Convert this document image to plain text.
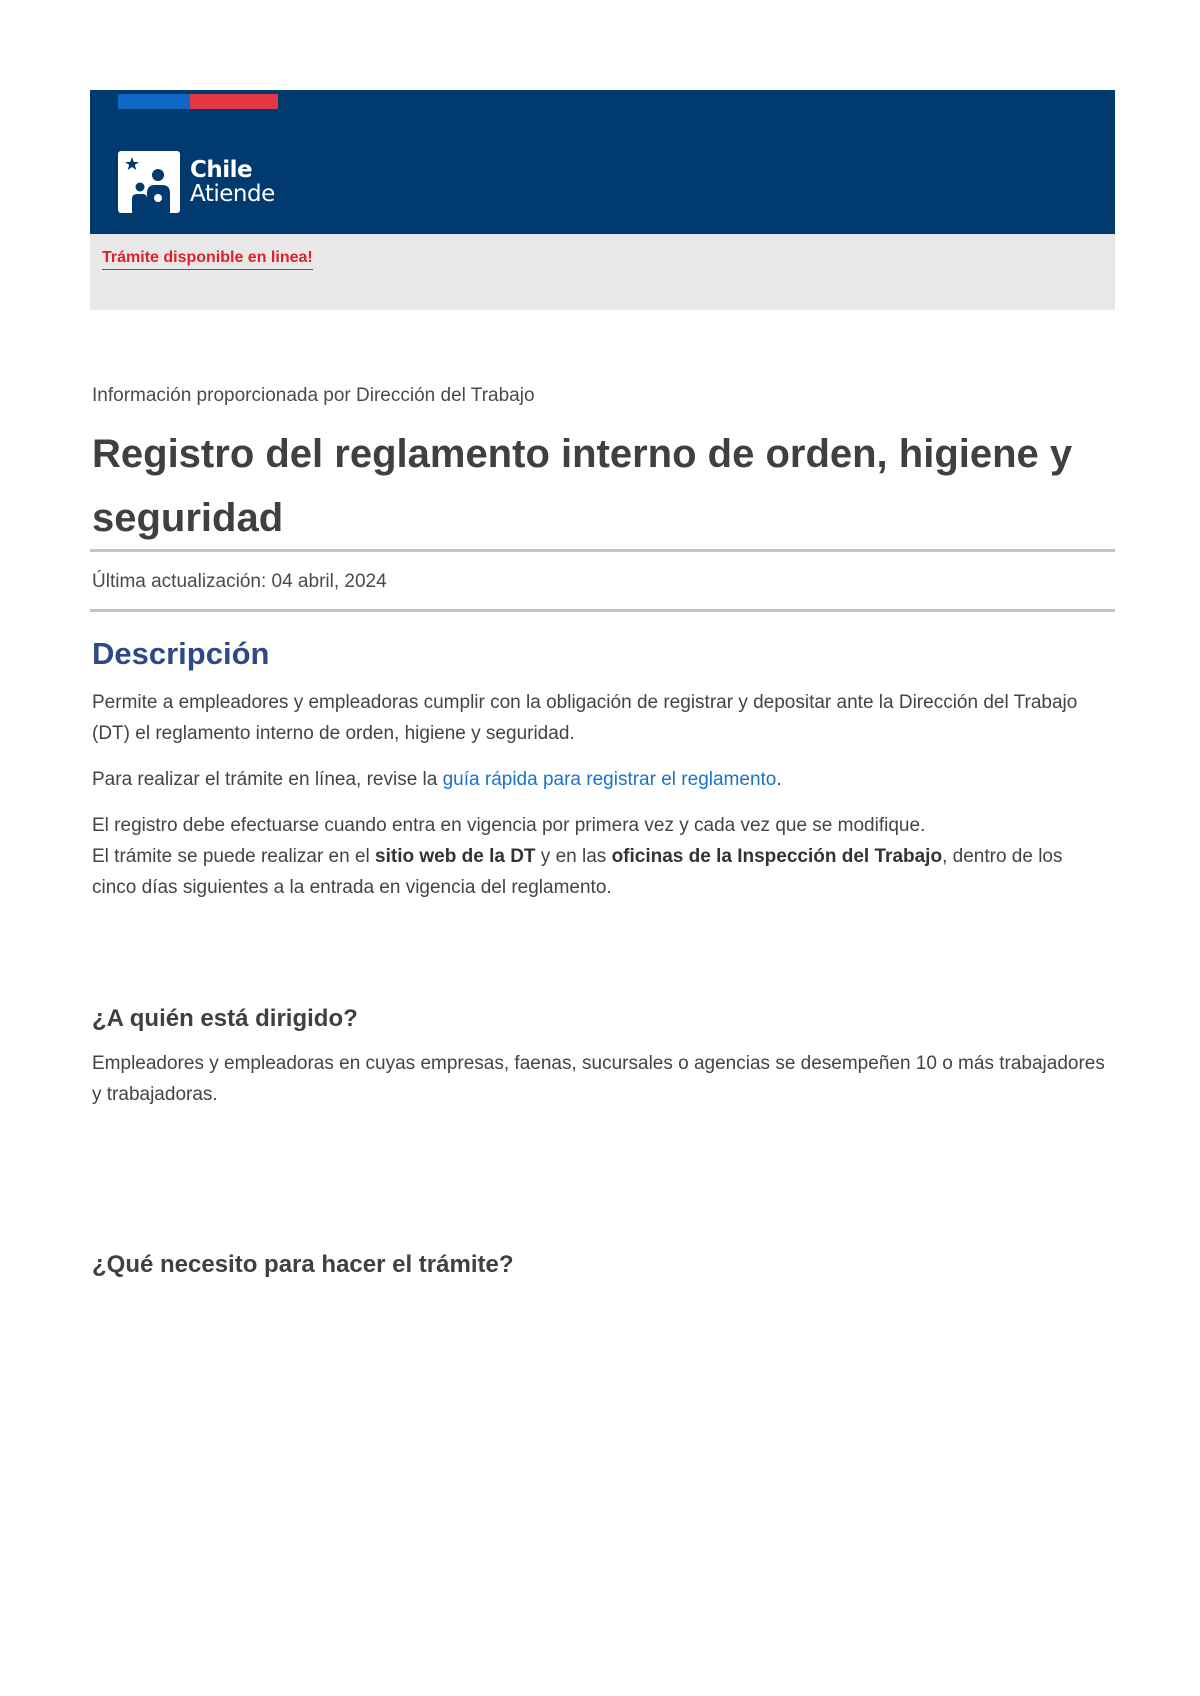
Chile
Atiende
Trámite disponible en linea!
Información proporcionada por Dirección del Trabajo
Registro del reglamento interno de orden, higiene y seguridad
Última actualización: 04 abril, 2024
Descripción

Permite a empleadores y empleadoras cumplir con la obligación de registrar y depositar ante la Dirección del Trabajo (DT) el reglamento interno de orden, higiene y seguridad.

Para realizar el trámite en línea, revise la guía rápida para registrar el reglamento.

El registro debe efectuarse cuando entra en vigencia por primera vez y cada vez que se modifique.
El trámite se puede realizar en el sitio web de la DT y en las oficinas de la Inspección del Trabajo, dentro de los cinco días siguientes a la entrada en vigencia del reglamento.

¿A quién está dirigido?

Empleadores y empleadoras en cuyas empresas, faenas, sucursales o agencias se desempeñen 10 o más trabajadores y trabajadoras.

¿Qué necesito para hacer el trámite?
